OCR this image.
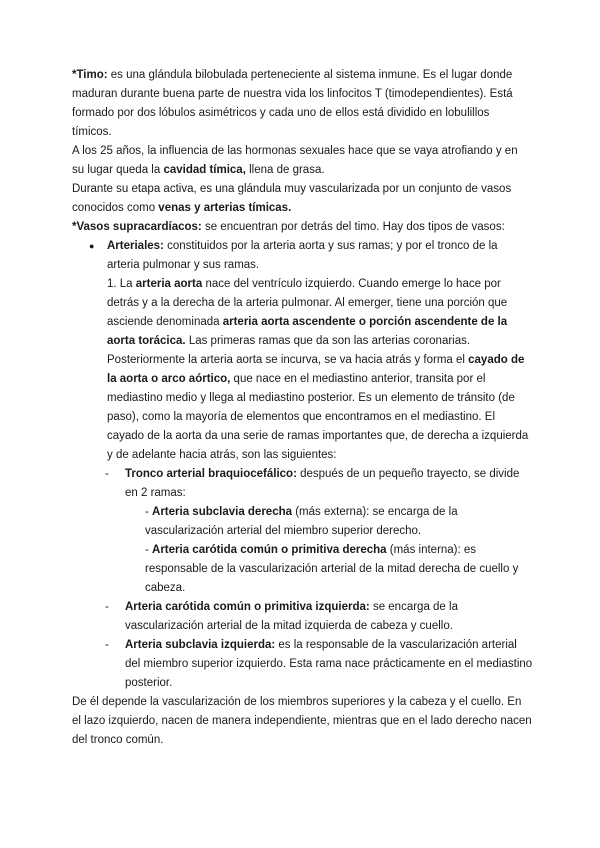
*Timo: es una glándula bilobulada perteneciente al sistema inmune. Es el lugar donde maduran durante buena parte de nuestra vida los linfocitos T (timodependientes). Está formado por dos lóbulos asimétricos y cada uno de ellos está dividido en lobulillos tímicos.

A los 25 años, la influencia de las hormonas sexuales hace que se vaya atrofiando y en su lugar queda la cavidad tímica, llena de grasa.

Durante su etapa activa, es una glándula muy vascularizada por un conjunto de vasos conocidos como venas y arterias tímicas.

*Vasos supracardíacos: se encuentran por detrás del timo. Hay dos tipos de vasos:

● Arteriales: constituidos por la arteria aorta y sus ramas; y por el tronco de la arteria pulmonar y sus ramas.

1. La arteria aorta nace del ventrículo izquierdo. Cuando emerge lo hace por detrás y a la derecha de la arteria pulmonar. Al emerger, tiene una porción que asciende denominada arteria aorta ascendente o porción ascendente de la aorta torácica. Las primeras ramas que da son las arterias coronarias. Posteriormente la arteria aorta se incurva, se va hacia atrás y forma el cayado de la aorta o arco aórtico, que nace en el mediastino anterior, transita por el mediastino medio y llega al mediastino posterior. Es un elemento de tránsito (de paso), como la mayoría de elementos que encontramos en el mediastino. El cayado de la aorta da una serie de ramas importantes que, de derecha a izquierda y de adelante hacia atrás, son las siguientes:

- Tronco arterial braquiocefálico: después de un pequeño trayecto, se divide en 2 ramas:

- Arteria subclavia derecha (más externa): se encarga de la vascularización arterial del miembro superior derecho.

- Arteria carótida común o primitiva derecha (más interna): es responsable de la vascularización arterial de la mitad derecha de cuello y cabeza.

- Arteria carótida común o primitiva izquierda: se encarga de la vascularización arterial de la mitad izquierda de cabeza y cuello.

- Arteria subclavia izquierda: es la responsable de la vascularización arterial del miembro superior izquierdo. Esta rama nace prácticamente en el mediastino posterior.

De él depende la vascularización de los miembros superiores y la cabeza y el cuello. En el lazo izquierdo, nacen de manera independiente, mientras que en el lado derecho nacen del tronco común.
